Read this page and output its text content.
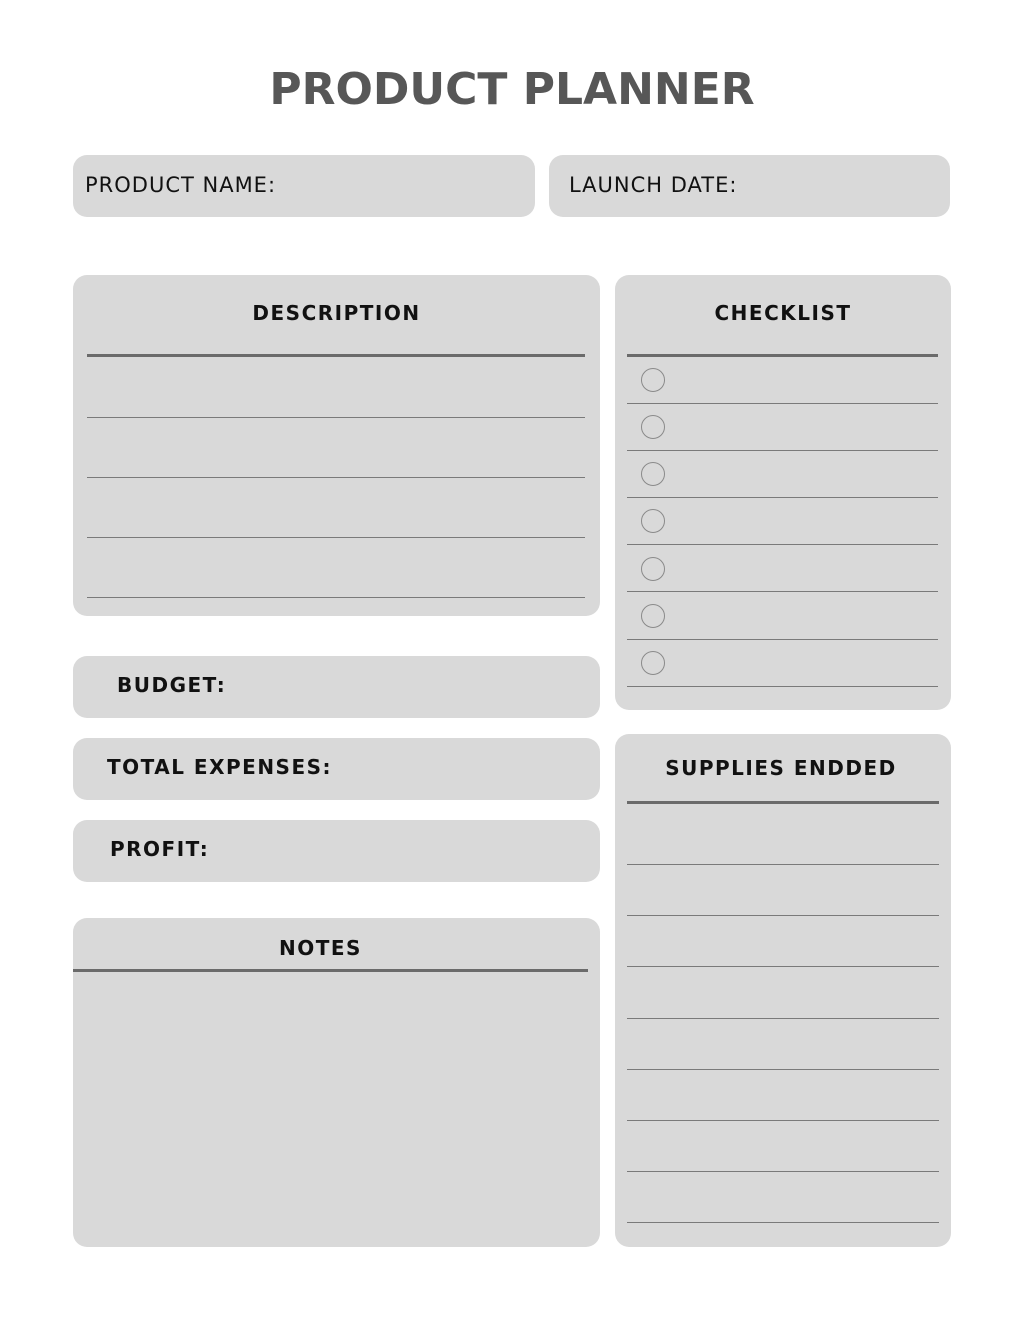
PRODUCT PLANNER
PRODUCT NAME:	LAUNCH DATE:
DESCRIPTION	CHECKLIST
BUDGET:
TOTAL EXPENSES:
PROFIT:
NOTES
SUPPLIES ENDDED
